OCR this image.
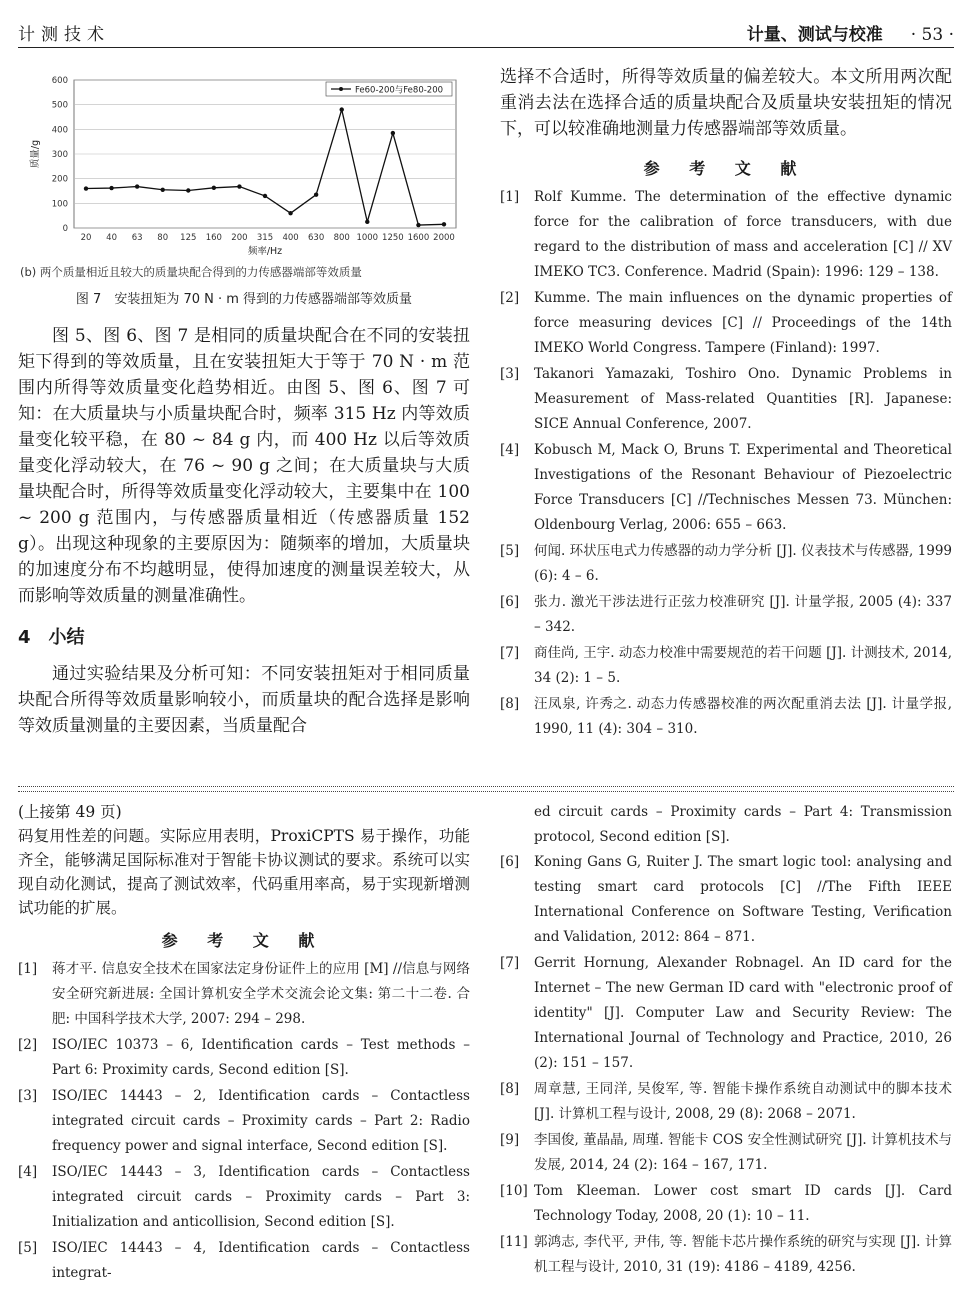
计测技术	计量、测试与校准 · 53 ·
0
100
200
300
400
500
600
20 40 63 80 125 160 200 315 400 630 800 1000 1250 1600 2000
频率/Hz
质量/g
Fe60-200与Fe80-200
(b) 两个质量相近且较大的质量块配合得到的力传感器端部等效质量
图 7　安装扭矩为 70 N · m 得到的力传感器端部等效质量

图 5、图 6、图 7 是相同的质量块配合在不同的安装扭矩下得到的等效质量，且在安装扭矩大于等于 70 N · m 范围内所得等效质量变化趋势相近。由图 5、图 6、图 7 可知：在大质量块与小质量块配合时，频率 315 Hz 内等效质量变化较平稳，在 80 ~ 84 g 内，而 400 Hz 以后等效质量变化浮动较大，在 76 ~ 90 g 之间；在大质量块与大质量块配合时，所得等效质量变化浮动较大，主要集中在 100 ~ 200 g 范围内，与传感器质量相近（传感器质量 152 g）。出现这种现象的主要原因为：随频率的增加，大质量块的加速度分布不均越明显，使得加速度的测量误差较大，从而影响等效质量的测量准确性。

4　小结

通过实验结果及分析可知：不同安装扭矩对于相同质量块配合所得等效质量影响较小，而质量块的配合选择是影响等效质量测量的主要因素，当质量配合

选择不合适时，所得等效质量的偏差较大。本文所用两次配重消去法在选择合适的质量块配合及质量块安装扭矩的情况下，可以较准确地测量力传感器端部等效质量。

参 考 文 献
[1] Rolf Kumme. The determination of the effective dynamic force for the calibration of force transducers, with due regard to the distribution of mass and acceleration [C] // XV IMEKO TC3. Conference. Madrid (Spain): 1996: 129 – 138.
[2] Kumme. The main influences on the dynamic properties of force measuring devices [C] // Proceedings of the 14th IMEKO World Congress. Tampere (Finland): 1997.
[3] Takanori Yamazaki, Toshiro Ono. Dynamic Problems in Measurement of Mass-related Quantities [R]. Japanese: SICE Annual Conference, 2007.
[4] Kobusch M, Mack O, Bruns T. Experimental and Theoretical Investigations of the Resonant Behaviour of Piezoelectric Force Transducers [C] //Technisches Messen 73. München: Oldenbourg Verlag, 2006: 655 – 663.
[5] 何闻. 环状压电式力传感器的动力学分析 [J]. 仪表技术与传感器, 1999 (6): 4 – 6.
[6] 张力. 激光干涉法进行正弦力校准研究 [J]. 计量学报, 2005 (4): 337 – 342.
[7] 商佳尚, 王宇. 动态力校准中需要规范的若干问题 [J]. 计测技术, 2014, 34 (2): 1 – 5.
[8] 汪凤泉, 许秀之. 动态力传感器校准的两次配重消去法 [J]. 计量学报, 1990, 11 (4): 304 – 310.
(上接第 49 页)

码复用性差的问题。实际应用表明，ProxiCPTS 易于操作，功能齐全，能够满足国际标准对于智能卡协议测试的要求。系统可以实现自动化测试，提高了测试效率，代码重用率高，易于实现新增测试功能的扩展。

参 考 文 献
[1] 蒋才平. 信息安全技术在国家法定身份证件上的应用 [M] //信息与网络安全研究新进展: 全国计算机安全学术交流会论文集: 第二十二卷. 合肥: 中国科学技术大学, 2007: 294 – 298.
[2] ISO/IEC 10373 – 6, Identification cards – Test methods – Part 6: Proximity cards, Second edition [S].
[3] ISO/IEC 14443 – 2, Identification cards – Contactless integrated circuit cards – Proximity cards – Part 2: Radio frequency power and signal interface, Second edition [S].
[4] ISO/IEC 14443 – 3, Identification cards – Contactless integrated circuit cards – Proximity cards – Part 3: Initialization and anticollision, Second edition [S].
[5] ISO/IEC 14443 – 4, Identification cards – Contactless integrat-
ed circuit cards – Proximity cards – Part 4: Transmission protocol, Second edition [S].
[6] Koning Gans G, Ruiter J. The smart logic tool: analysing and testing smart card protocols [C] //The Fifth IEEE International Conference on Software Testing, Verification and Validation, 2012: 864 – 871.
[7] Gerrit Hornung, Alexander Robnagel. An ID card for the Internet – The new German ID card with "electronic proof of identity" [J]. Computer Law and Security Review: The International Journal of Technology and Practice, 2010, 26 (2): 151 – 157.
[8] 周章慧, 王同洋, 吴俊军, 等. 智能卡操作系统自动测试中的脚本技术 [J]. 计算机工程与设计, 2008, 29 (8): 2068 – 2071.
[9] 李国俊, 董晶晶, 周瑾. 智能卡 COS 安全性测试研究 [J]. 计算机技术与发展, 2014, 24 (2): 164 – 167, 171.
[10] Tom Kleeman. Lower cost smart ID cards [J]. Card Technology Today, 2008, 20 (1): 10 – 11.
[11] 郭鸿志, 李代平, 尹伟, 等. 智能卡芯片操作系统的研究与实现 [J]. 计算机工程与设计, 2010, 31 (19): 4186 – 4189, 4256.
